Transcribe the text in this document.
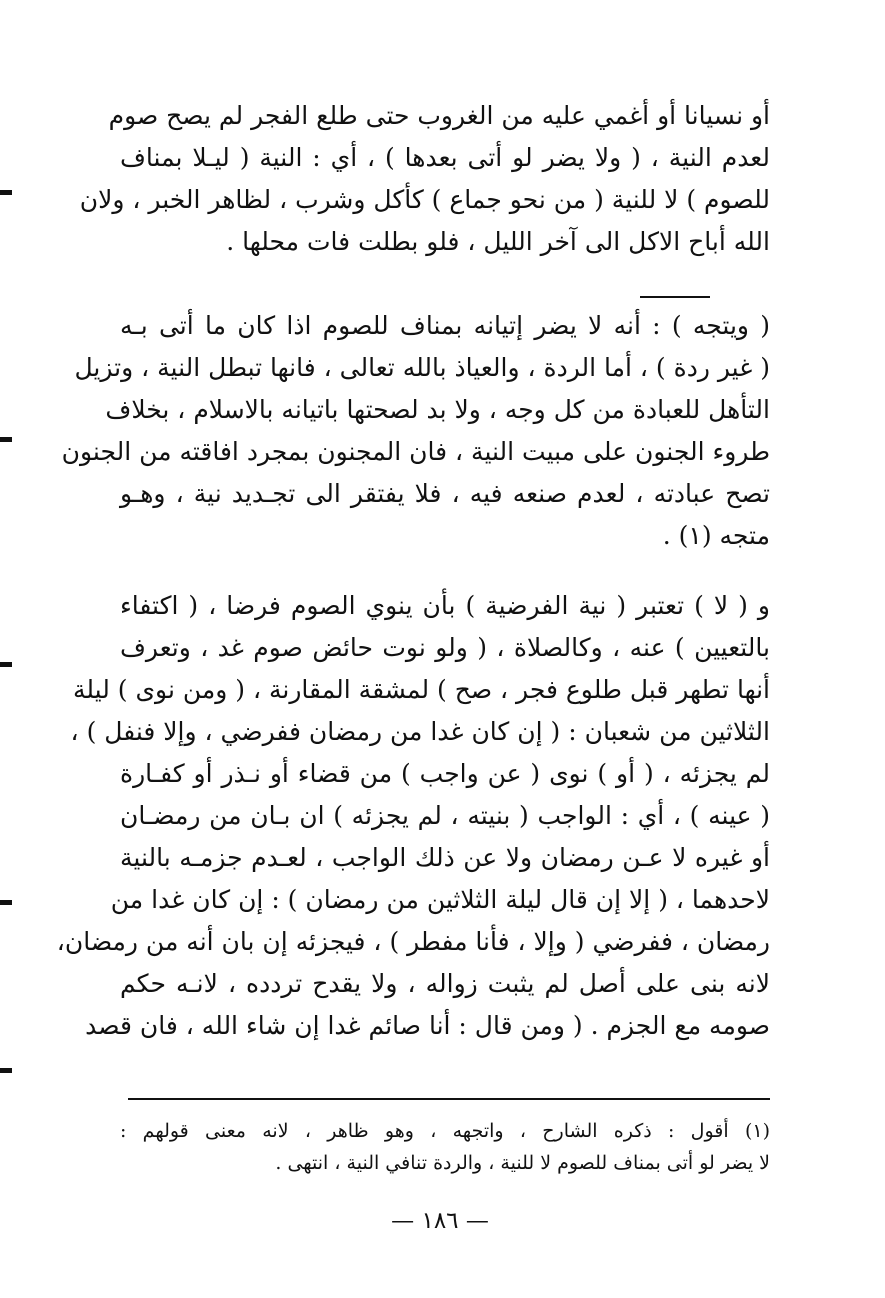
أو نسيانا أو أغمي عليه من الغروب حتى طلع الفجر لم يصح صوم
لعدم النية ، ( ولا يضر لو أتى بعدها ) ، أي : النية ( ليـلا بمناف
للصوم ) لا للنية ( من نحو جماع ) كأكل وشرب ، لظاهر الخبر ، ولان
الله أباح الاكل الى آخر الليل ، فلو بطلت فات محلها .
( ويتجه ) : أنه لا يضر إتيانه بمناف للصوم اذا كان ما أتى بـه
( غير ردة ) ، أما الردة ، والعياذ بالله تعالى ، فانها تبطل النية ، وتزيل
التأهل للعبادة من كل وجه ، ولا بد لصحتها باتيانه بالاسلام ، بخلاف
طروء الجنون على مبيت النية ، فان المجنون بمجرد افاقته من الجنون
تصح عبادته ، لعدم صنعه فيه ، فلا يفتقر الى تجـديد نية ، وهـو
متجه (١) .
و ( لا ) تعتبر ( نية الفرضية ) بأن ينوي الصوم فرضا ، ( اكتفاء
بالتعيين ) عنه ، وكالصلاة ، ( ولو نوت حائض صوم غد ، وتعرف
أنها تطهر قبل طلوع فجر ، صح ) لمشقة المقارنة ، ( ومن نوى ) ليلة
الثلاثين من شعبان : ( إن كان غدا من رمضان ففرضي ، وإلا فنفل ) ،
لم يجزئه ، ( أو ) نوى ( عن واجب ) من قضاء أو نـذر أو كفـارة
( عينه ) ، أي : الواجب ( بنيته ، لم يجزئه ) ان بـان من رمضـان
أو غيره لا عـن رمضان ولا عن ذلك الواجب ، لعـدم جزمـه بالنية
لاحدهما ، ( إلا إن قال ليلة الثلاثين من رمضان ) : إن كان غدا من
رمضان ، ففرضي ( وإلا ، فأنا مفطر ) ، فيجزئه إن بان أنه من رمضان،
لانه بنى على أصل لم يثبت زواله ، ولا يقدح تردده ، لانـه حكم
صومه مع الجزم . ( ومن قال : أنا صائم غدا إن شاء الله ، فان قصد
(١) أقول : ذكره الشارح ، واتجهه ، وهو ظاهر ، لانه معنى قولهم :
لا يضر لو أتى بمناف للصوم لا للنية ، والردة تنافي النية ، انتهى .
— ١٨٦ —
